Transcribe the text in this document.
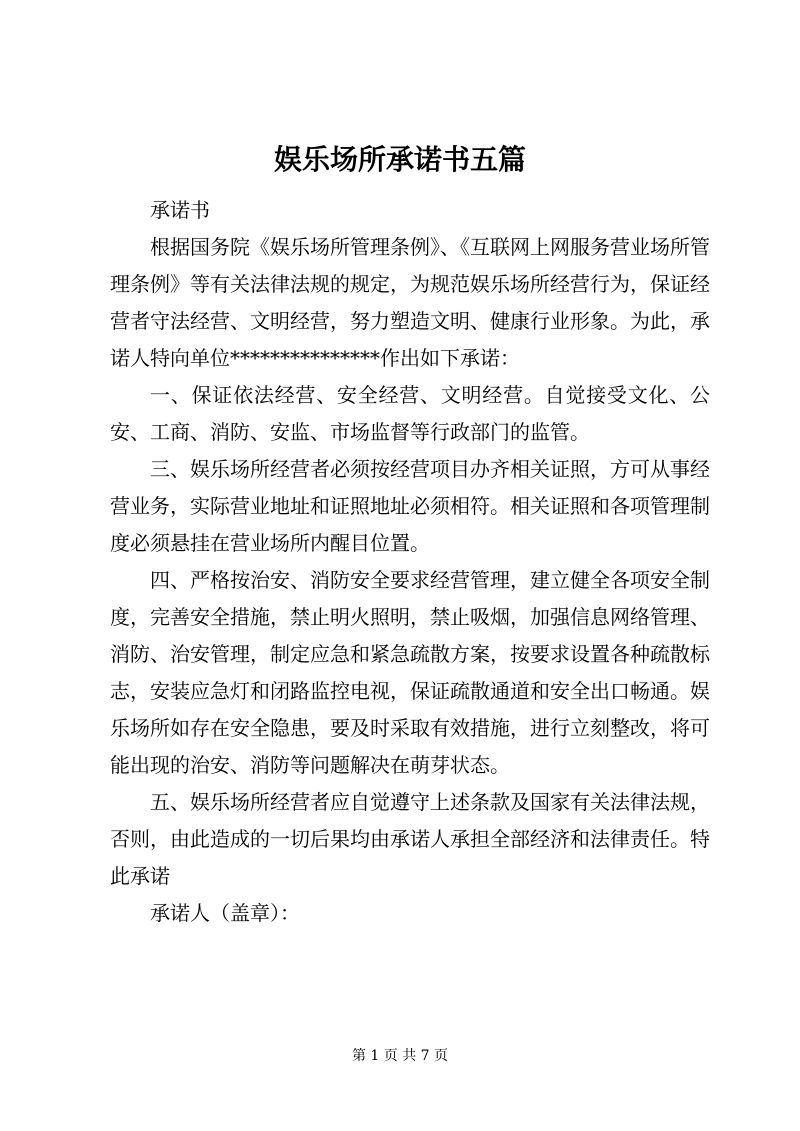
娱乐场所承诺书五篇

承诺书

根据国务院《娱乐场所管理条例》、《互联网上网服务营业场所管理条例》等有关法律法规的规定，为规范娱乐场所经营行为，保证经营者守法经营、文明经营，努力塑造文明、健康行业形象。为此，承诺人特向单位***************作出如下承诺：

一、保证依法经营、安全经营、文明经营。自觉接受文化、公安、工商、消防、安监、市场监督等行政部门的监管。

三、娱乐场所经营者必须按经营项目办齐相关证照，方可从事经营业务，实际营业地址和证照地址必须相符。相关证照和各项管理制度必须悬挂在营业场所内醒目位置。

四、严格按治安、消防安全要求经营管理，建立健全各项安全制度，完善安全措施，禁止明火照明，禁止吸烟，加强信息网络管理、消防、治安管理，制定应急和紧急疏散方案，按要求设置各种疏散标志，安装应急灯和闭路监控电视，保证疏散通道和安全出口畅通。娱乐场所如存在安全隐患，要及时采取有效措施，进行立刻整改，将可能出现的治安、消防等问题解决在萌芽状态。

五、娱乐场所经营者应自觉遵守上述条款及国家有关法律法规，否则，由此造成的一切后果均由承诺人承担全部经济和法律责任。特此承诺

承诺人（盖章）：

第 1 页 共 7 页
